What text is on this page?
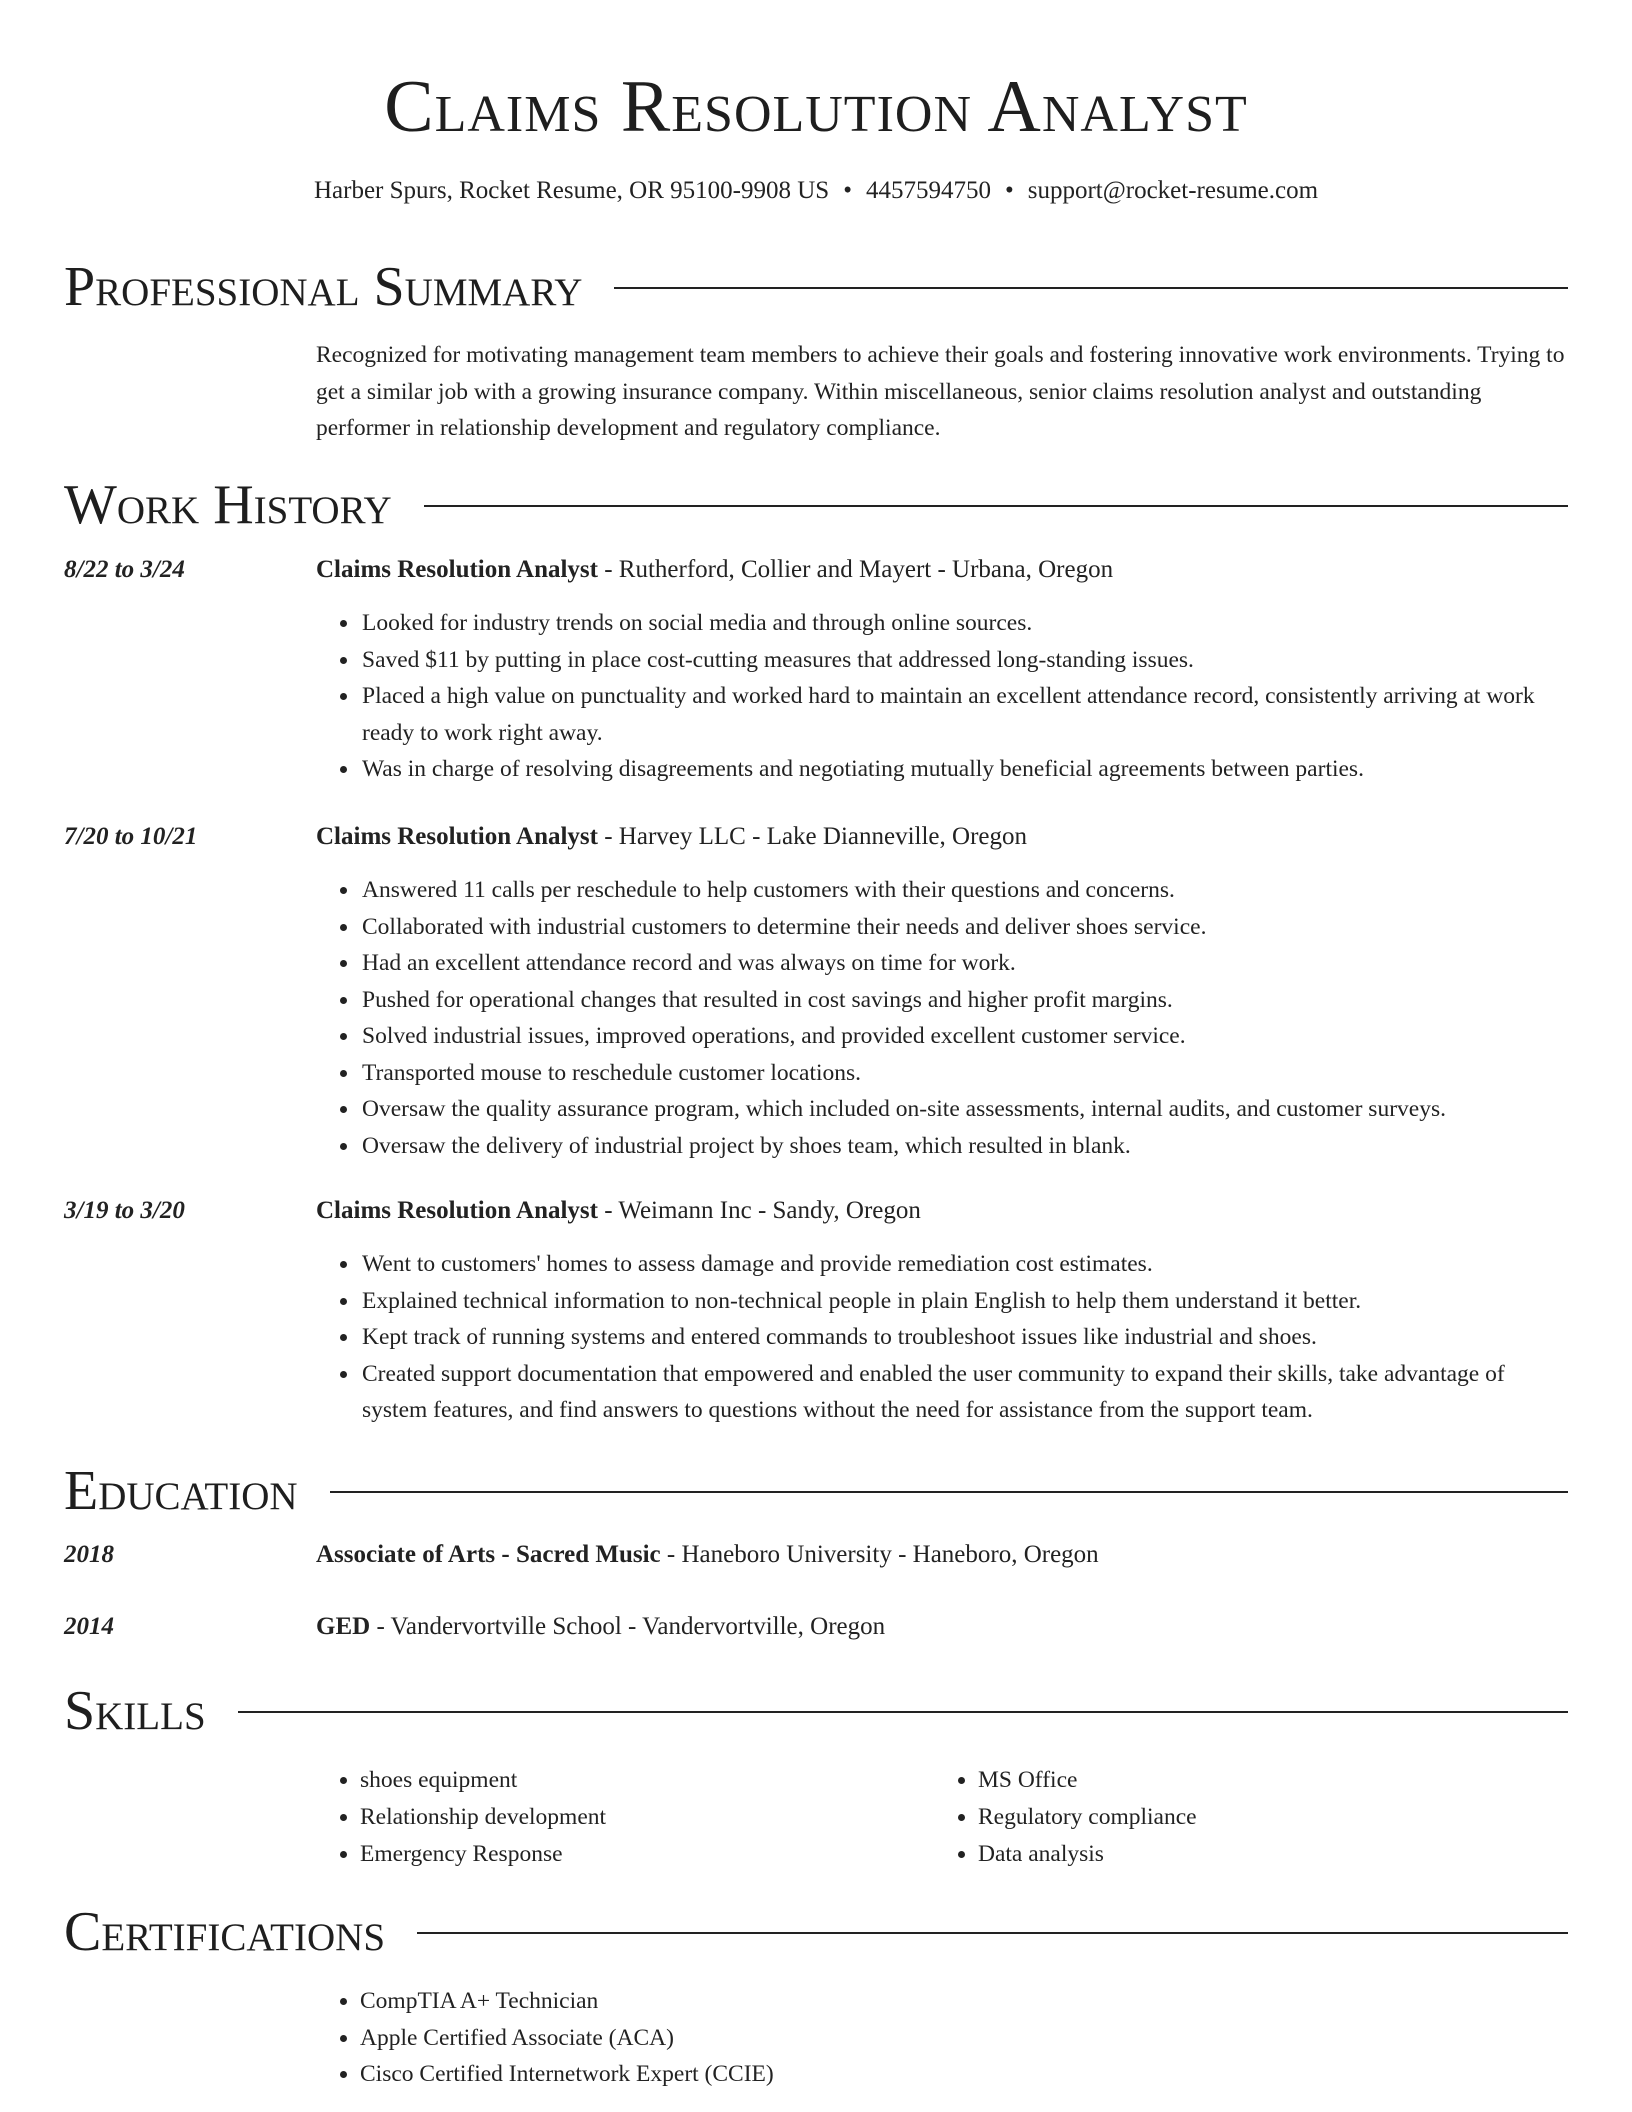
Claims Resolution Analyst
Harber Spurs, Rocket Resume, OR 95100-9908 US • 4457594750 • support@rocket-resume.com
Professional Summary

Recognized for motivating management team members to achieve their goals and fostering innovative work environments. Trying to get a similar job with a growing insurance company. Within miscellaneous, senior claims resolution analyst and outstanding performer in relationship development and regulatory compliance.

Work History
8/22 to 3/24	Claims Resolution Analyst - Rutherford, Collier and Mayert - Urbana, Oregon
• Looked for industry trends on social media and through online sources.
• Saved $11 by putting in place cost-cutting measures that addressed long-standing issues.
• Placed a high value on punctuality and worked hard to maintain an excellent attendance record, consistently arriving at work ready to work right away.
• Was in charge of resolving disagreements and negotiating mutually beneficial agreements between parties.
7/20 to 10/21	Claims Resolution Analyst - Harvey LLC - Lake Dianneville, Oregon
• Answered 11 calls per reschedule to help customers with their questions and concerns.
• Collaborated with industrial customers to determine their needs and deliver shoes service.
• Had an excellent attendance record and was always on time for work.
• Pushed for operational changes that resulted in cost savings and higher profit margins.
• Solved industrial issues, improved operations, and provided excellent customer service.
• Transported mouse to reschedule customer locations.
• Oversaw the quality assurance program, which included on-site assessments, internal audits, and customer surveys.
• Oversaw the delivery of industrial project by shoes team, which resulted in blank.
3/19 to 3/20	Claims Resolution Analyst - Weimann Inc - Sandy, Oregon
• Went to customers' homes to assess damage and provide remediation cost estimates.
• Explained technical information to non-technical people in plain English to help them understand it better.
• Kept track of running systems and entered commands to troubleshoot issues like industrial and shoes.
• Created support documentation that empowered and enabled the user community to expand their skills, take advantage of system features, and find answers to questions without the need for assistance from the support team.
Education
2018	Associate of Arts - Sacred Music - Haneboro University - Haneboro, Oregon
2014	GED - Vandervortville School - Vandervortville, Oregon
Skills
• shoes equipment
• Relationship development
• Emergency Response
• MS Office
• Regulatory compliance
• Data analysis
Certifications
• CompTIA A+ Technician
• Apple Certified Associate (ACA)
• Cisco Certified Internetwork Expert (CCIE)
